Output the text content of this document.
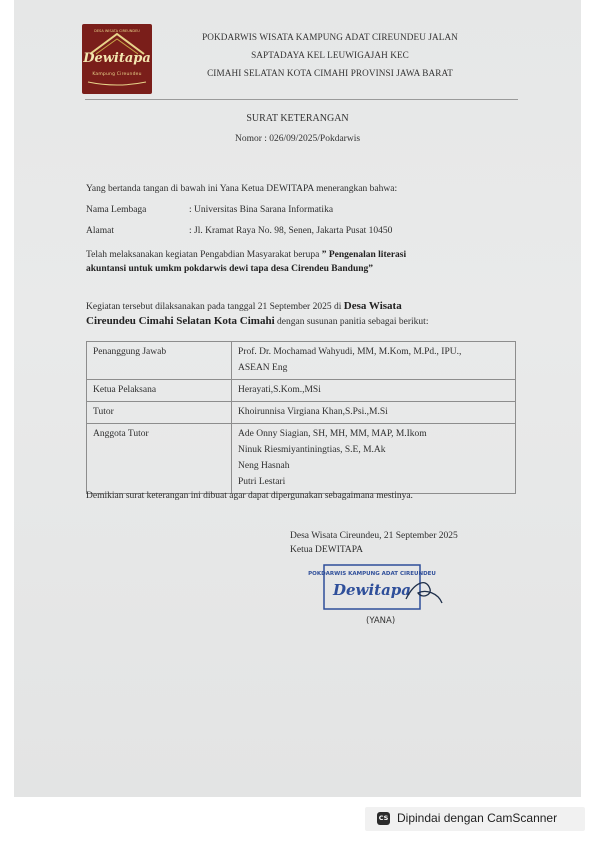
DESA WISATA CIREUNDEU
Dewitapa
Kampung Cireundeu
POKDARWIS WISATA KAMPUNG ADAT CIREUNDEU JALAN
SAPTADAYA KEL LEUWIGAJAH KEC
CIMAHI SELATAN KOTA CIMAHI PROVINSI JAWA BARAT
SURAT KETERANGAN
Nomor : 026/09/2025/Pokdarwis
Yang bertanda tangan di bawah ini Yana Ketua DEWITAPA menerangkan bahwa:
Nama Lembaga	: Universitas Bina Sarana Informatika
Alamat	: Jl. Kramat Raya No. 98, Senen, Jakarta Pusat 10450
Telah melaksanakan kegiatan Pengabdian Masyarakat berupa ” Pengenalan literasi
akuntansi untuk umkm pokdarwis dewi tapa desa Cirendeu Bandung”
Kegiatan tersebut dilaksanakan pada tanggal 21 September 2025 di Desa Wisata
Cireundeu Cimahi Selatan Kota Cimahi dengan susunan panitia sebagai berikut:
Penanggung Jawab	Prof. Dr. Mochamad Wahyudi, MM, M.Kom, M.Pd., IPU.,
ASEAN Eng

Ketua Pelaksana	Herayati,S.Kom.,MSi

Tutor	Khoirunnisa Virgiana Khan,S.Psi.,M.Si

Anggota Tutor	Ade Onny Siagian, SH, MH, MM, MAP, M.Ikom
Ninuk Riesmiyantiningtias, S.E, M.Ak
Neng Hasnah
Putri Lestari
Demikian surat keterangan ini dibuat agar dapat dipergunakan sebagaimana mestinya.
Desa Wisata Cireundeu, 21 September 2025
Ketua DEWITAPA
POKDARWIS KAMPUNG ADAT CIREUNDEU
Dewitapa
(YANA)
CS Dipindai dengan CamScanner
